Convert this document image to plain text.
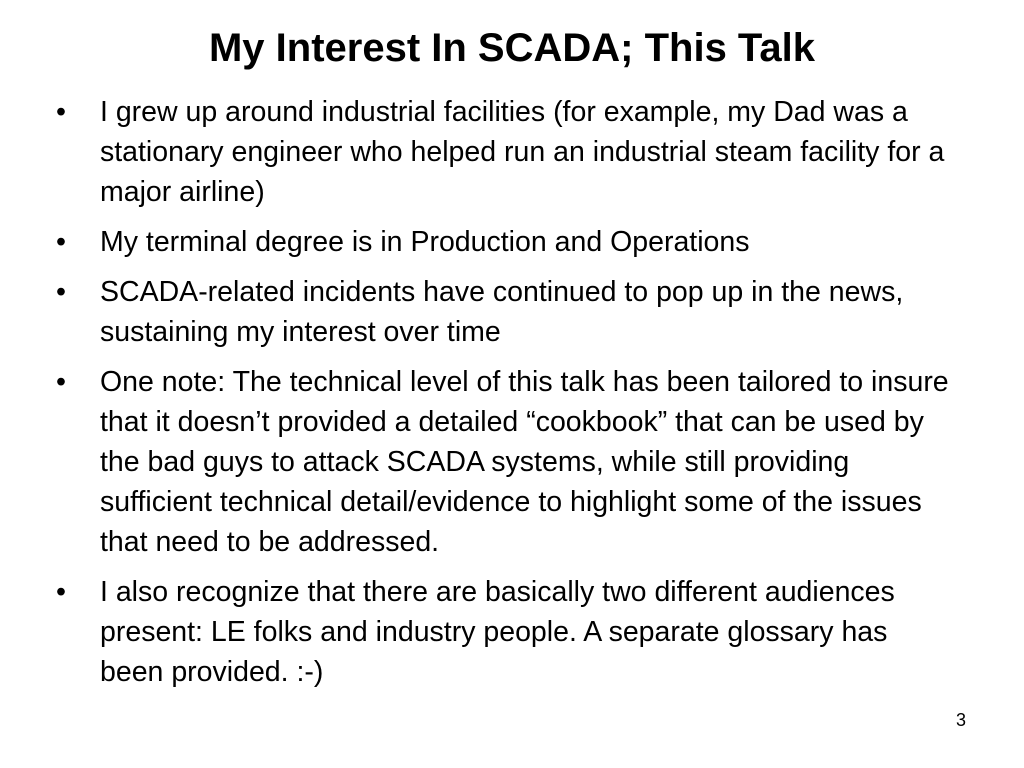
My Interest In SCADA; This Talk
•	I grew up around industrial facilities (for example, my Dad was a stationary engineer who helped run an industrial steam facility for a major airline)
•	My terminal degree is in Production and Operations
•	SCADA-related incidents have continued to pop up in the news, sustaining my interest over time
•	One note: The technical level of this talk has been tailored to insure that it doesn’t provided a detailed “cookbook” that can be used by the bad guys to attack SCADA systems, while still providing sufficient technical detail/evidence to highlight some of the issues that need to be addressed.
•	I also recognize that there are basically two different audiences present: LE folks and industry people. A separate glossary has been provided. :-)
3
